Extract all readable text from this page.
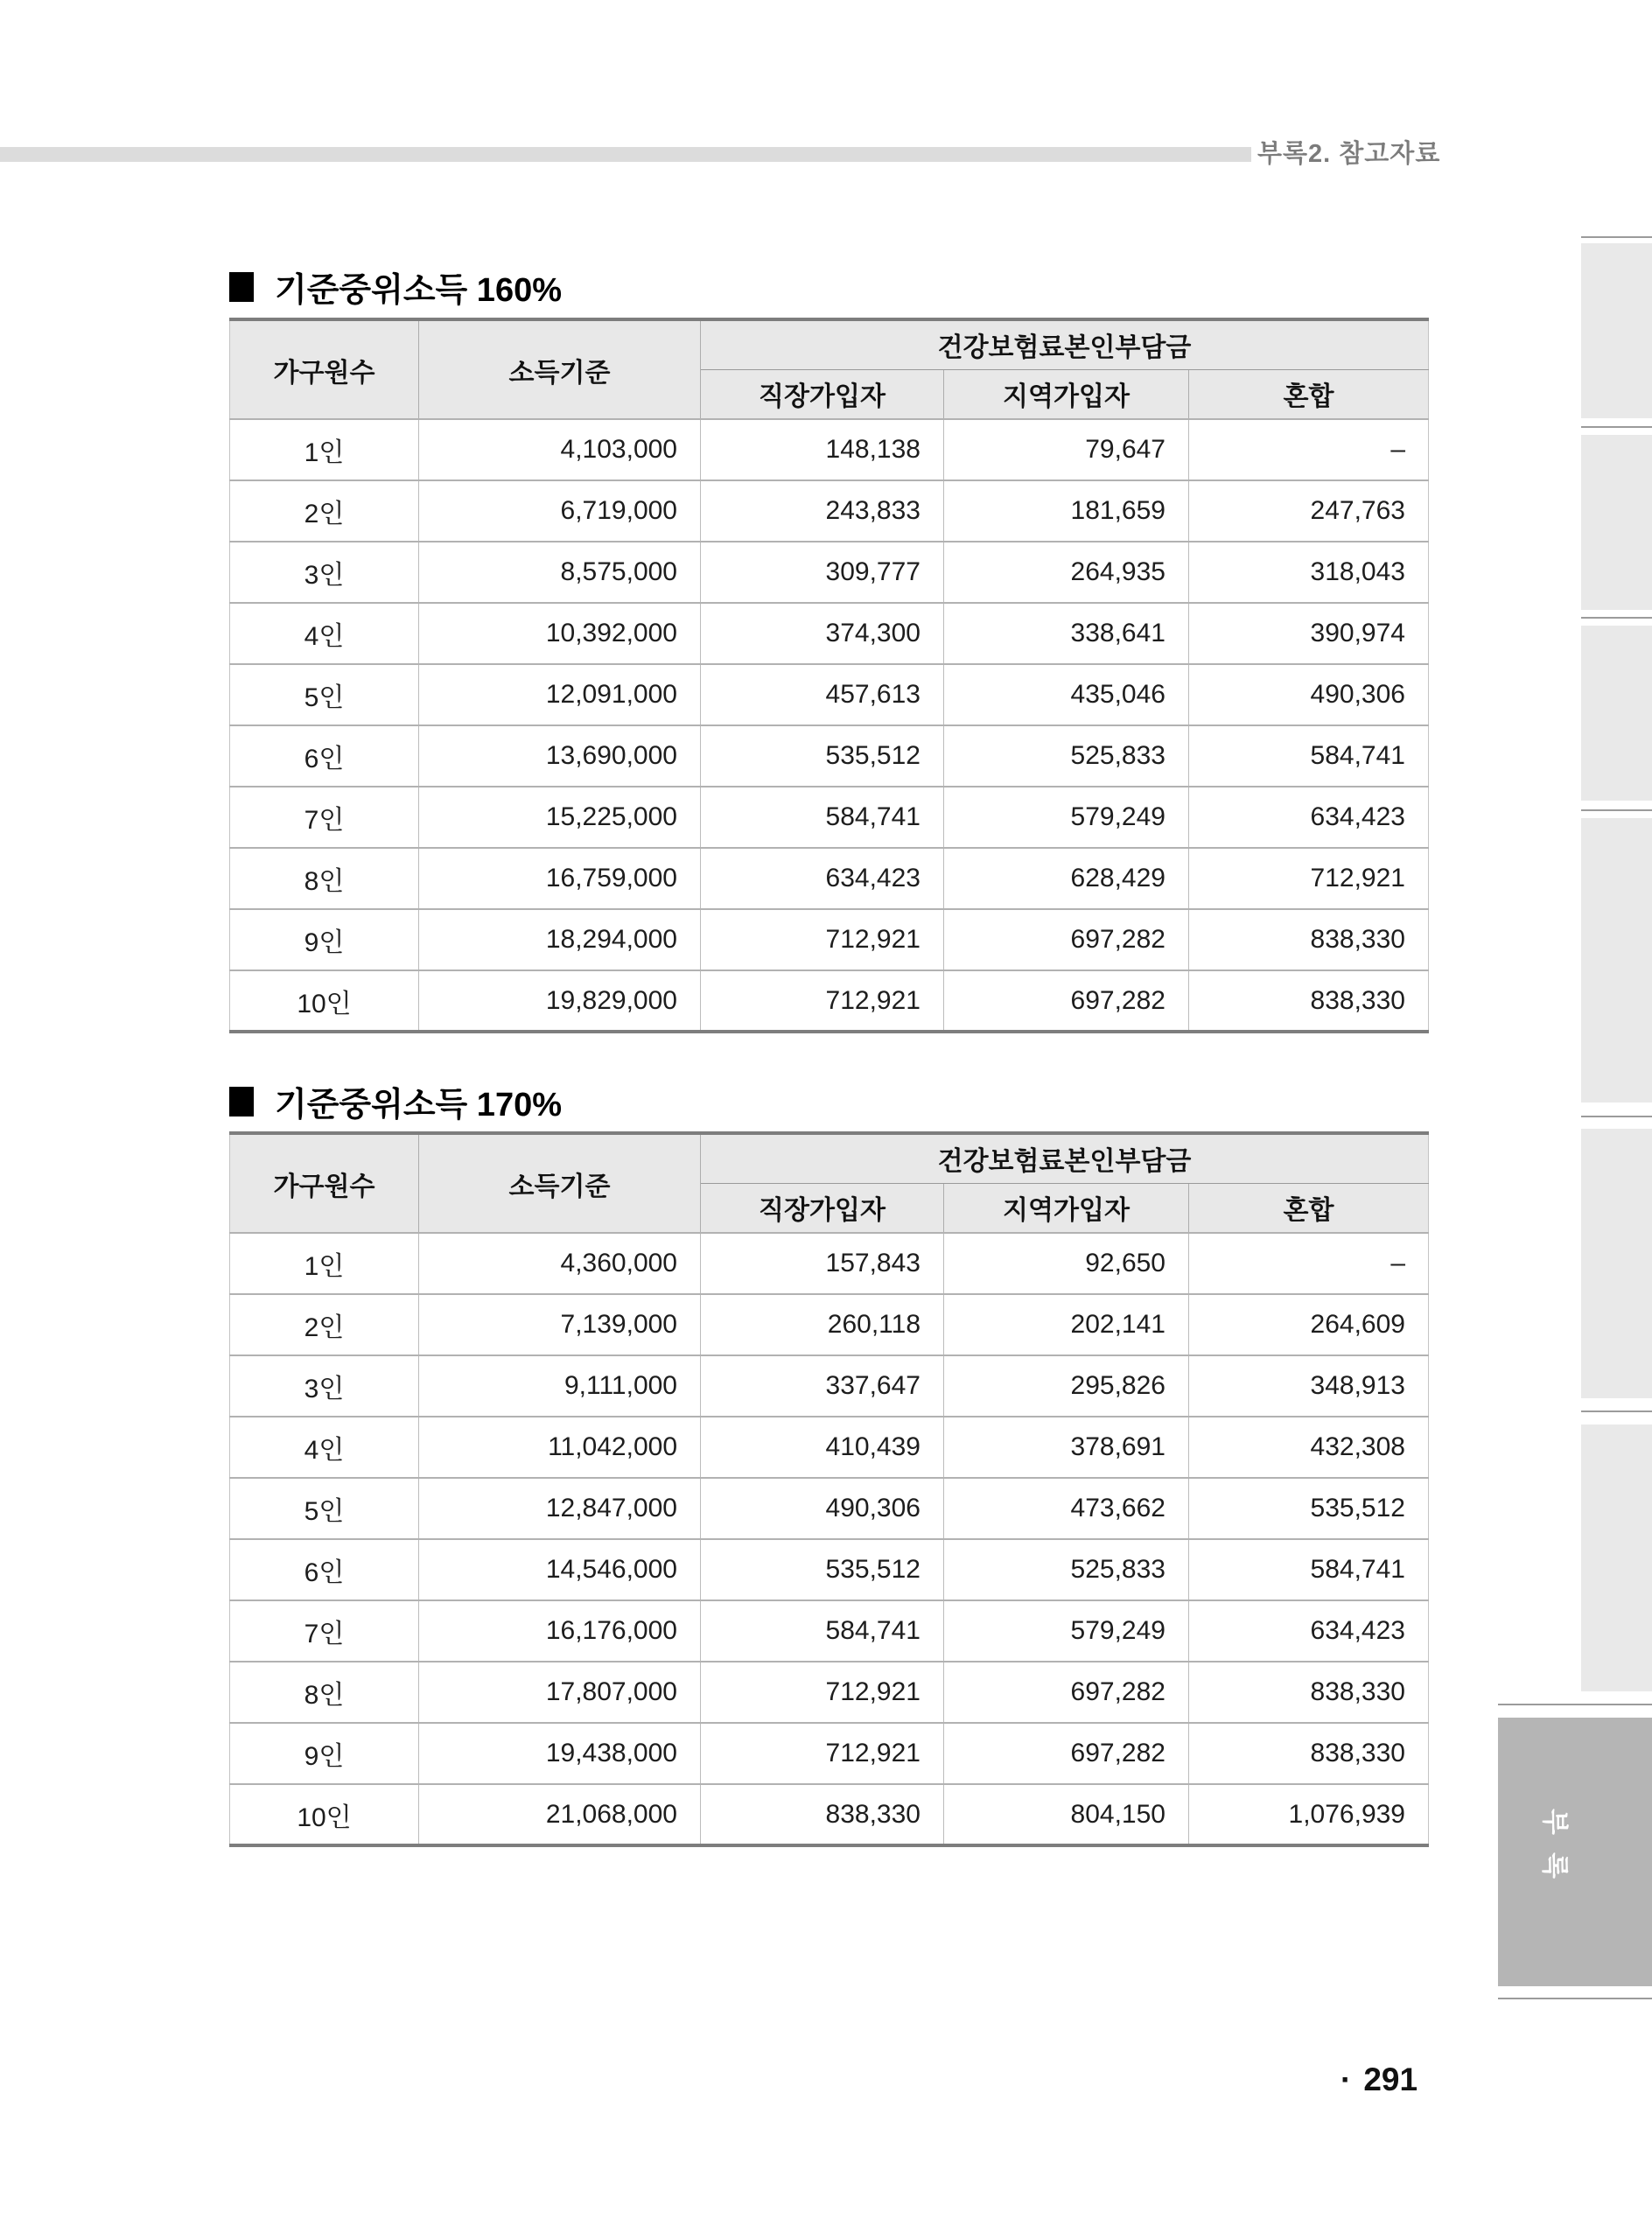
부록2. 참고자료
기준중위소득 160%
가구원수	소득기준	건강보험료본인부담금		
		직장가입자	지역가입자	혼합
1인	4,103,000	148,138	79,647	–
2인	6,719,000	243,833	181,659	247,763
3인	8,575,000	309,777	264,935	318,043
4인	10,392,000	374,300	338,641	390,974
5인	12,091,000	457,613	435,046	490,306
6인	13,690,000	535,512	525,833	584,741
7인	15,225,000	584,741	579,249	634,423
8인	16,759,000	634,423	628,429	712,921
9인	18,294,000	712,921	697,282	838,330
10인	19,829,000	712,921	697,282	838,330
기준중위소득 170%
가구원수	소득기준	건강보험료본인부담금		
		직장가입자	지역가입자	혼합
1인	4,360,000	157,843	92,650	–
2인	7,139,000	260,118	202,141	264,609
3인	9,111,000	337,647	295,826	348,913
4인	11,042,000	410,439	378,691	432,308
5인	12,847,000	490,306	473,662	535,512
6인	14,546,000	535,512	525,833	584,741
7인	16,176,000	584,741	579,249	634,423
8인	17,807,000	712,921	697,282	838,330
9인	19,438,000	712,921	697,282	838,330
10인	21,068,000	838,330	804,150	1,076,939	부록
· 291
